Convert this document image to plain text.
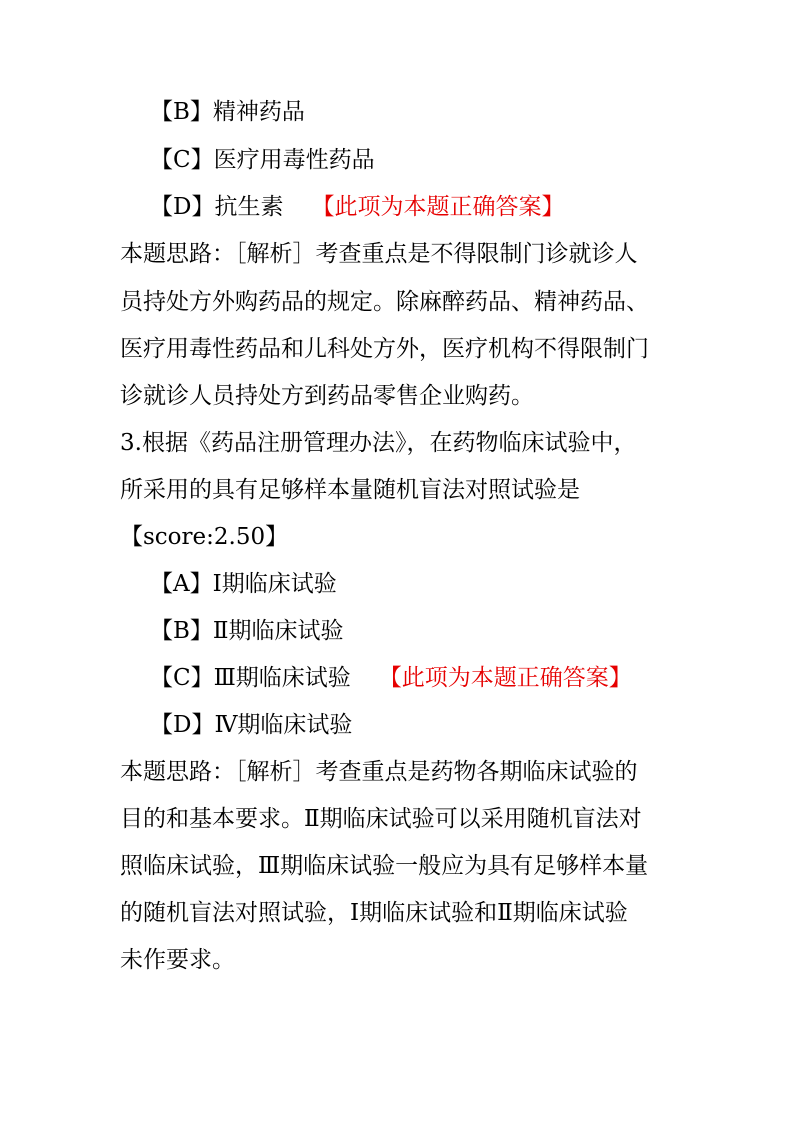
【B】精神药品
【C】医疗用毒性药品
【D】抗生素 【此项为本题正确答案】
本题思路：［解析］考查重点是不得限制门诊就诊人
员持处方外购药品的规定。除麻醉药品、精神药品、
医疗用毒性药品和儿科处方外，医疗机构不得限制门
诊就诊人员持处方到药品零售企业购药。
3.根据《药品注册管理办法》，在药物临床试验中，
所采用的具有足够样本量随机盲法对照试验是
【score:2.50】
【A】Ⅰ期临床试验
【B】Ⅱ期临床试验
【C】Ⅲ期临床试验 【此项为本题正确答案】
【D】Ⅳ期临床试验
本题思路：［解析］考查重点是药物各期临床试验的
目的和基本要求。Ⅱ期临床试验可以采用随机盲法对
照临床试验，Ⅲ期临床试验一般应为具有足够样本量
的随机盲法对照试验，Ⅰ期临床试验和Ⅱ期临床试验
未作要求。
